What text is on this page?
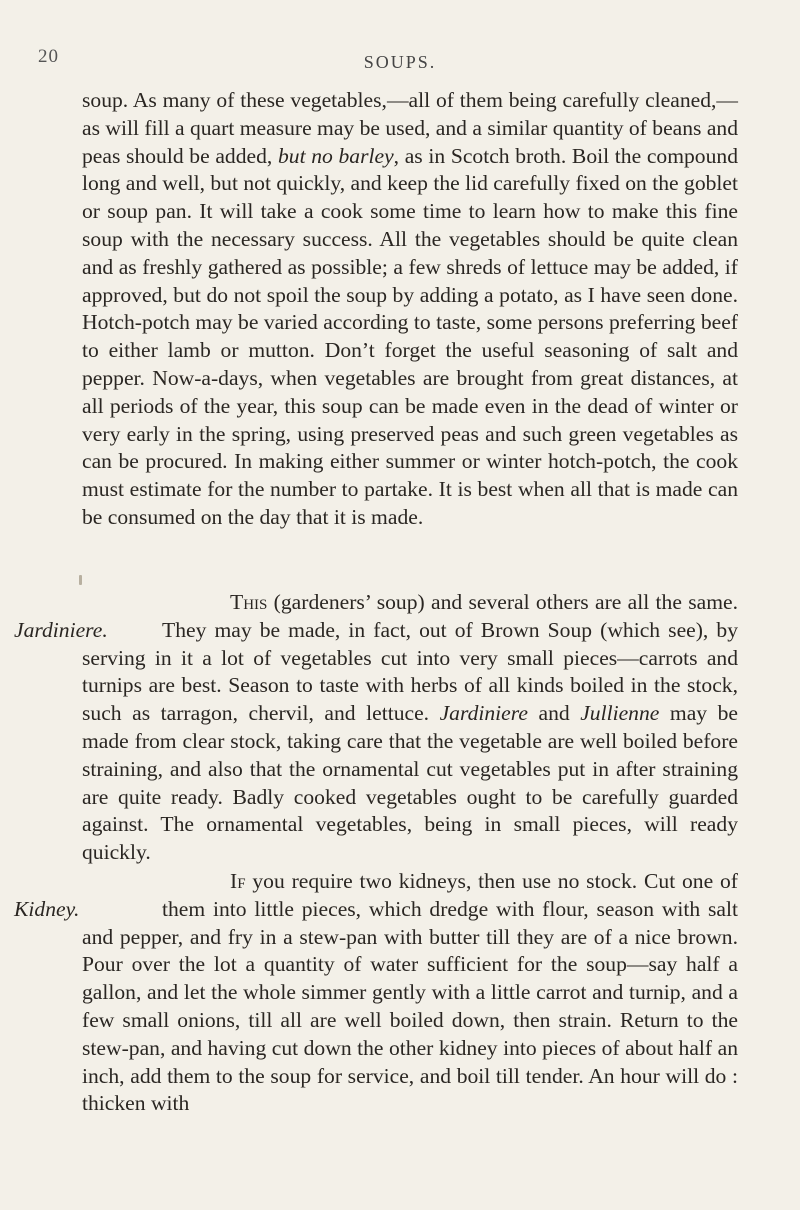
20	SOUPS.

soup. As many of these vegetables,—all of them being carefully cleaned,—as will fill a quart measure may be used, and a similar quantity of beans and peas should be added, but no barley, as in Scotch broth. Boil the compound long and well, but not quickly, and keep the lid carefully fixed on the goblet or soup pan. It will take a cook some time to learn how to make this fine soup with the necessary success. All the vegetables should be quite clean and as freshly gathered as possible; a few shreds of lettuce may be added, if approved, but do not spoil the soup by adding a potato, as I have seen done. Hotch-potch may be varied according to taste, some persons preferring beef to either lamb or mutton. Don’t forget the useful seasoning of salt and pepper. Now-a-days, when vegetables are brought from great distances, at all periods of the year, this soup can be made even in the dead of winter or very early in the spring, using preserved peas and such green vegetables as can be procured. In making either summer or winter hotch-potch, the cook must estimate for the number to partake. It is best when all that is made can be consumed on the day that it is made.

Jardiniere.
This (gardeners’ soup) and several others are all the same. They may be made, in fact, out of Brown Soup (which see), by serving in it a lot of vegetables cut into very small pieces—carrots and turnips are best. Season to taste with herbs of all kinds boiled in the stock, such as tarragon, chervil, and lettuce. Jardiniere and Jullienne may be made from clear stock, taking care that the vegetable are well boiled before straining, and also that the ornamental cut vegetables put in after straining are quite ready. Badly cooked vegetables ought to be carefully guarded against. The ornamental vegetables, being in small pieces, will ready quickly.

Kidney.
If you require two kidneys, then use no stock. Cut one of them into little pieces, which dredge with flour, season with salt and pepper, and fry in a stew-pan with butter till they are of a nice brown. Pour over the lot a quantity of water sufficient for the soup—say half a gallon, and let the whole simmer gently with a little carrot and turnip, and a few small onions, till all are well boiled down, then strain. Return to the stew-pan, and having cut down the other kidney into pieces of about half an inch, add them to the soup for service, and boil till tender. An hour will do : thicken with
